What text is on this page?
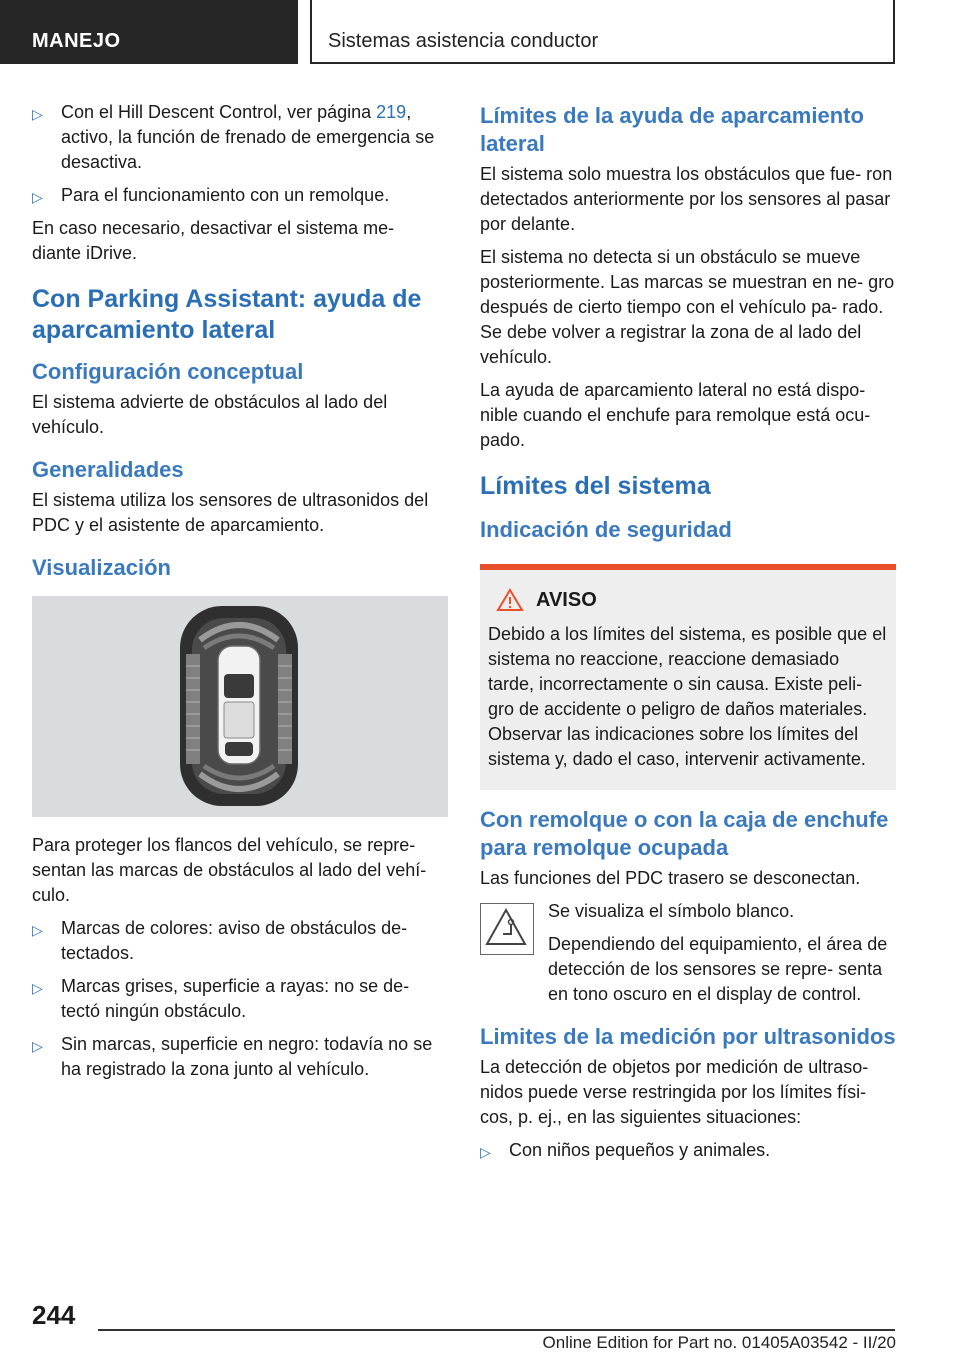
MANEJO	Sistemas asistencia conductor
▷ Con el Hill Descent Control, ver página 219, activo, la función de frenado de emergencia se desactiva.
▷ Para el funcionamiento con un remolque.

En caso necesario, desactivar el sistema me‐ diante iDrive.

Con Parking Assistant: ayuda de aparcamiento lateral
Configuración conceptual

El sistema advierte de obstáculos al lado del vehículo.

Generalidades

El sistema utiliza los sensores de ultrasonidos del PDC y el asistente de aparcamiento.

Visualización

Para proteger los flancos del vehículo, se repre‐ sentan las marcas de obstáculos al lado del vehí‐ culo.

▷ Marcas de colores: aviso de obstáculos de‐ tectados.
▷ Marcas grises, superficie a rayas: no se de‐ tectó ningún obstáculo.
▷ Sin marcas, superficie en negro: todavía no se ha registrado la zona junto al vehículo.
Límites de la ayuda de aparcamiento lateral

El sistema solo muestra los obstáculos que fue‐ ron detectados anteriormente por los sensores al pasar por delante.

El sistema no detecta si un obstáculo se mueve posteriormente. Las marcas se muestran en ne‐ gro después de cierto tiempo con el vehículo pa‐ rado. Se debe volver a registrar la zona de al lado del vehículo.

La ayuda de aparcamiento lateral no está dispo‐ nible cuando el enchufe para remolque está ocu‐ pado.

Límites del sistema
Indicación de seguridad
AVISO

Debido a los límites del sistema, es posible que el sistema no reaccione, reaccione demasiado tarde, incorrectamente o sin causa. Existe peli‐ gro de accidente o peligro de daños materiales. Observar las indicaciones sobre los límites del sistema y, dado el caso, intervenir activamente.

Con remolque o con la caja de enchufe para remolque ocupada

Las funciones del PDC trasero se desconectan.

Se visualiza el símbolo blanco.

Dependiendo del equipamiento, el área de detección de los sensores se repre‐ senta en tono oscuro en el display de control.

Limites de la medición por ultrasonidos

La detección de objetos por medición de ultraso‐ nidos puede verse restringida por los límites físi‐ cos, p. ej., en las siguientes situaciones:

▷ Con niños pequeños y animales.
244
Online Edition for Part no. 01405A03542 - II/20
